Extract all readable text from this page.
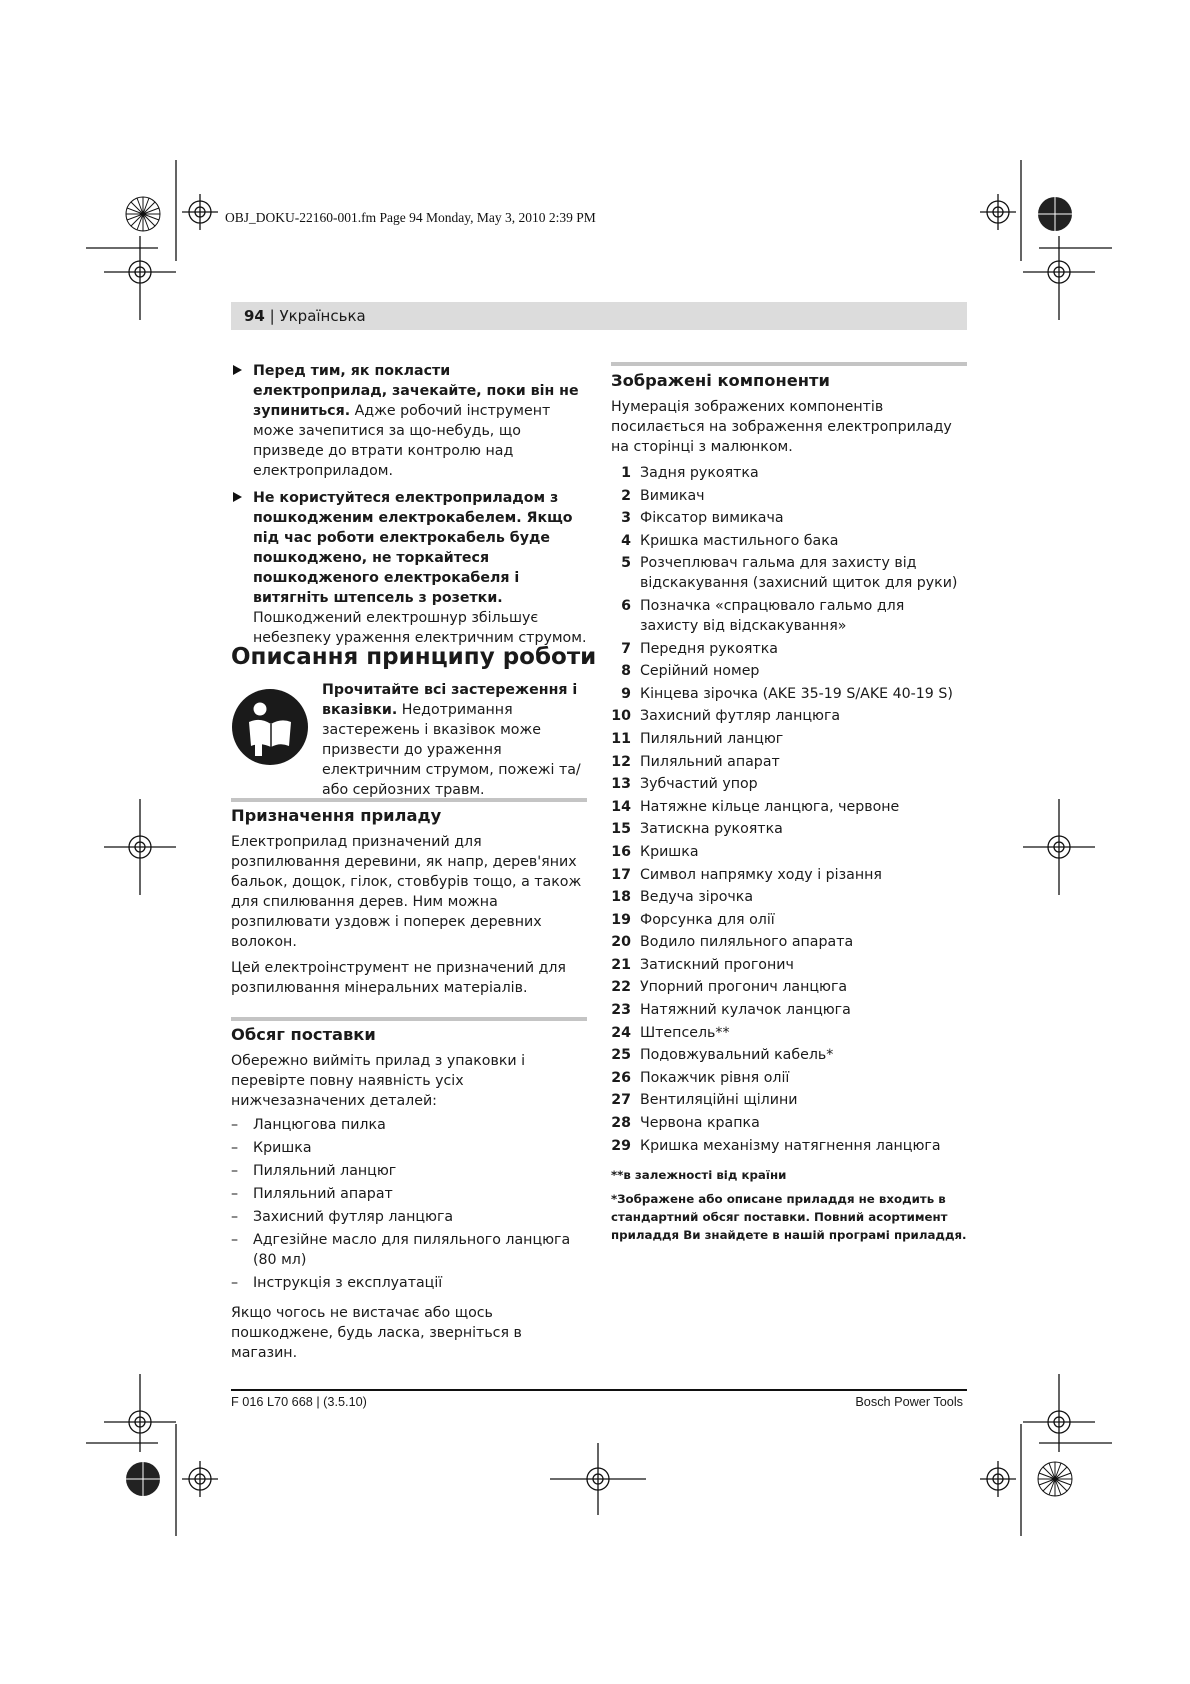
OBJ_DOKU-22160-001.fm Page 94 Monday, May 3, 2010 2:39 PM
94 | Українська

Перед тим, як покласти електроприлад, зачекайте, поки він не зупиниться. Адже робочий інструмент може зачепитися за що-небудь, що призведе до втрати контролю над електроприладом.

Не користуйтеся електроприладом з пошкодженим електрокабелем. Якщо під час роботи електрокабель буде пошкоджено, не торкайтеся пошкодженого електрокабеля і витягніть штепсель з розетки. Пошкоджений електрошнур збільшує небезпеку ураження електричним струмом.

Описання принципу роботи

Прочитайте всі застереження і вказівки. Недотримання застережень і вказівок може призвести до ураження електричним струмом, пожежі та/або серйозних травм.

Призначення приладу

Електроприлад призначений для розпилювання деревини, як напр, дерев'яних бальок, дощок, гілок, стовбурів тощо, а також для спилювання дерев. Ним можна розпилювати уздовж і поперек деревних волокон.

Цей електроінструмент не призначений для розпилювання мінеральних матеріалів.

Обсяг поставки

Обережно вийміть прилад з упаковки і перевірте повну наявність усіх нижчезазначених деталей:

– Ланцюгова пилка

– Кришка

– Пиляльний ланцюг

– Пиляльний апарат

– Захисний футляр ланцюга

– Адгезійне масло для пиляльного ланцюга (80 мл)

– Інструкція з експлуатації

Якщо чогось не вистачає або щось пошкоджене, будь ласка, зверніться в магазин.

Зображені компоненти

Нумерація зображених компонентів посилається на зображення електроприладу на сторінці з малюнком.

1 Задня рукоятка

2 Вимикач

3 Фіксатор вимикача

4 Кришка мастильного бака

5 Розчеплювач гальма для захисту від відскакування (захисний щиток для руки)

6 Позначка «спрацювало гальмо для захисту від відскакування»

7 Передня рукоятка

8 Серійний номер

9 Кінцева зірочка (AKE 35-19 S/AKE 40-19 S)

10 Захисний футляр ланцюга

11 Пиляльний ланцюг

12 Пиляльний апарат

13 Зубчастий упор

14 Натяжне кільце ланцюга, червоне

15 Затискна рукоятка

16 Кришка

17 Символ напрямку ходу і різання

18 Ведуча зірочка

19 Форсунка для олії

20 Водило пиляльного апарата

21 Затискний прогонич

22 Упорний прогонич ланцюга

23 Натяжний кулачок ланцюга

24 Штепсель**

25 Подовжувальний кабель*

26 Покажчик рівня олії

27 Вентиляційні щілини

28 Червона крапка

29 Кришка механізму натягнення ланцюга

**в залежності від країни

*Зображене або описане приладдя не входить в стандартний обсяг поставки. Повний асортимент приладдя Ви знайдете в нашій програмі приладдя.

F 016 L70 668 | (3.5.10)	Bosch Power Tools
